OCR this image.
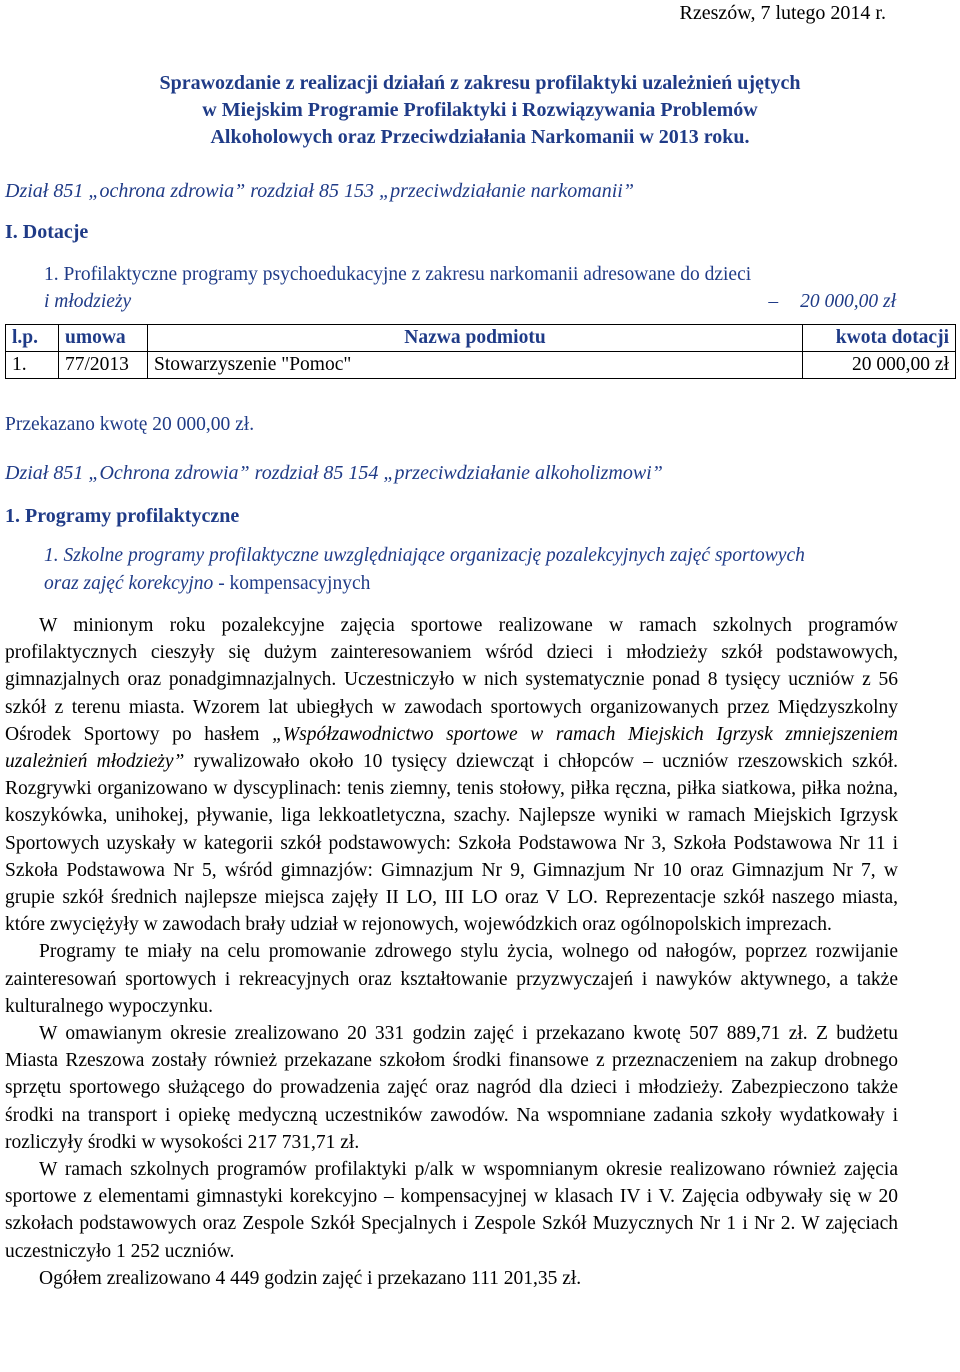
Rzeszów, 7 lutego 2014 r.
Sprawozdanie z realizacji działań z zakresu profilaktyki uzależnień ujętych
w Miejskim Programie Profilaktyki i Rozwiązywania Problemów
Alkoholowych oraz Przeciwdziałania Narkomanii w 2013 roku.
Dział 851 „ochrona zdrowia” rozdział 85 153 „przeciwdziałanie narkomanii”
I. Dotacje
1. Profilaktyczne programy psychoedukacyjne z zakresu narkomanii adresowane do dzieci
i młodzieży	– 20 000,00 zł
l.p.	umowa	Nazwa podmiotu	kwota dotacji
1.	77/2013	Stowarzyszenie "Pomoc"	20 000,00 zł
Przekazano kwotę 20 000,00 zł.
Dział 851 „Ochrona zdrowia” rozdział 85 154 „przeciwdziałanie alkoholizmowi”
1. Programy profilaktyczne
1. Szkolne programy profilaktyczne uwzględniające organizację pozalekcyjnych zajęć sportowych
oraz zajęć korekcyjno - kompensacyjnych

W minionym roku pozalekcyjne zajęcia sportowe realizowane w ramach szkolnych programów profilaktycznych cieszyły się dużym zainteresowaniem wśród dzieci i młodzieży szkół podstawowych, gimnazjalnych oraz ponadgimnazjalnych. Uczestniczyło w nich systematycznie ponad 8 tysięcy uczniów z 56 szkół z terenu miasta. Wzorem lat ubiegłych w zawodach sportowych organizowanych przez Międzyszkolny Ośrodek Sportowy po hasłem „Współzawodnictwo sportowe w ramach Miejskich Igrzysk zmniejszeniem uzależnień młodzieży” rywalizowało około 10 tysięcy dziewcząt i chłopców – uczniów rzeszowskich szkół. Rozgrywki organizowano w dyscyplinach: tenis ziemny, tenis stołowy, piłka ręczna, piłka siatkowa, piłka nożna, koszykówka, unihokej, pływanie, liga lekkoatletyczna, szachy. Najlepsze wyniki w ramach Miejskich Igrzysk Sportowych uzyskały w kategorii szkół podstawowych: Szkoła Podstawowa Nr 3, Szkoła Podstawowa Nr 11 i Szkoła Podstawowa Nr 5, wśród gimnazjów: Gimnazjum Nr 9, Gimnazjum Nr 10 oraz Gimnazjum Nr 7, w grupie szkół średnich najlepsze miejsca zajęły II LO, III LO oraz V LO. Reprezentacje szkół naszego miasta, które zwyciężyły w zawodach brały udział w rejonowych, wojewódzkich oraz ogólnopolskich imprezach.

Programy te miały na celu promowanie zdrowego stylu życia, wolnego od nałogów, poprzez rozwijanie zainteresowań sportowych i rekreacyjnych oraz kształtowanie przyzwyczajeń i nawyków aktywnego, a także kulturalnego wypoczynku.

W omawianym okresie zrealizowano 20 331 godzin zajęć i przekazano kwotę 507 889,71 zł. Z budżetu Miasta Rzeszowa zostały również przekazane szkołom środki finansowe z przeznaczeniem na zakup drobnego sprzętu sportowego służącego do prowadzenia zajęć oraz nagród dla dzieci i młodzieży. Zabezpieczono także środki na transport i opiekę medyczną uczestników zawodów. Na wspomniane zadania szkoły wydatkowały i rozliczyły środki w wysokości 217 731,71 zł.

W ramach szkolnych programów profilaktyki p/alk w wspomnianym okresie realizowano również zajęcia sportowe z elementami gimnastyki korekcyjno – kompensacyjnej w klasach IV i V. Zajęcia odbywały się w 20 szkołach podstawowych oraz Zespole Szkół Specjalnych i Zespole Szkół Muzycznych Nr 1 i Nr 2. W zajęciach uczestniczyło 1 252 uczniów.

Ogółem zrealizowano 4 449 godzin zajęć i przekazano 111 201,35 zł.
